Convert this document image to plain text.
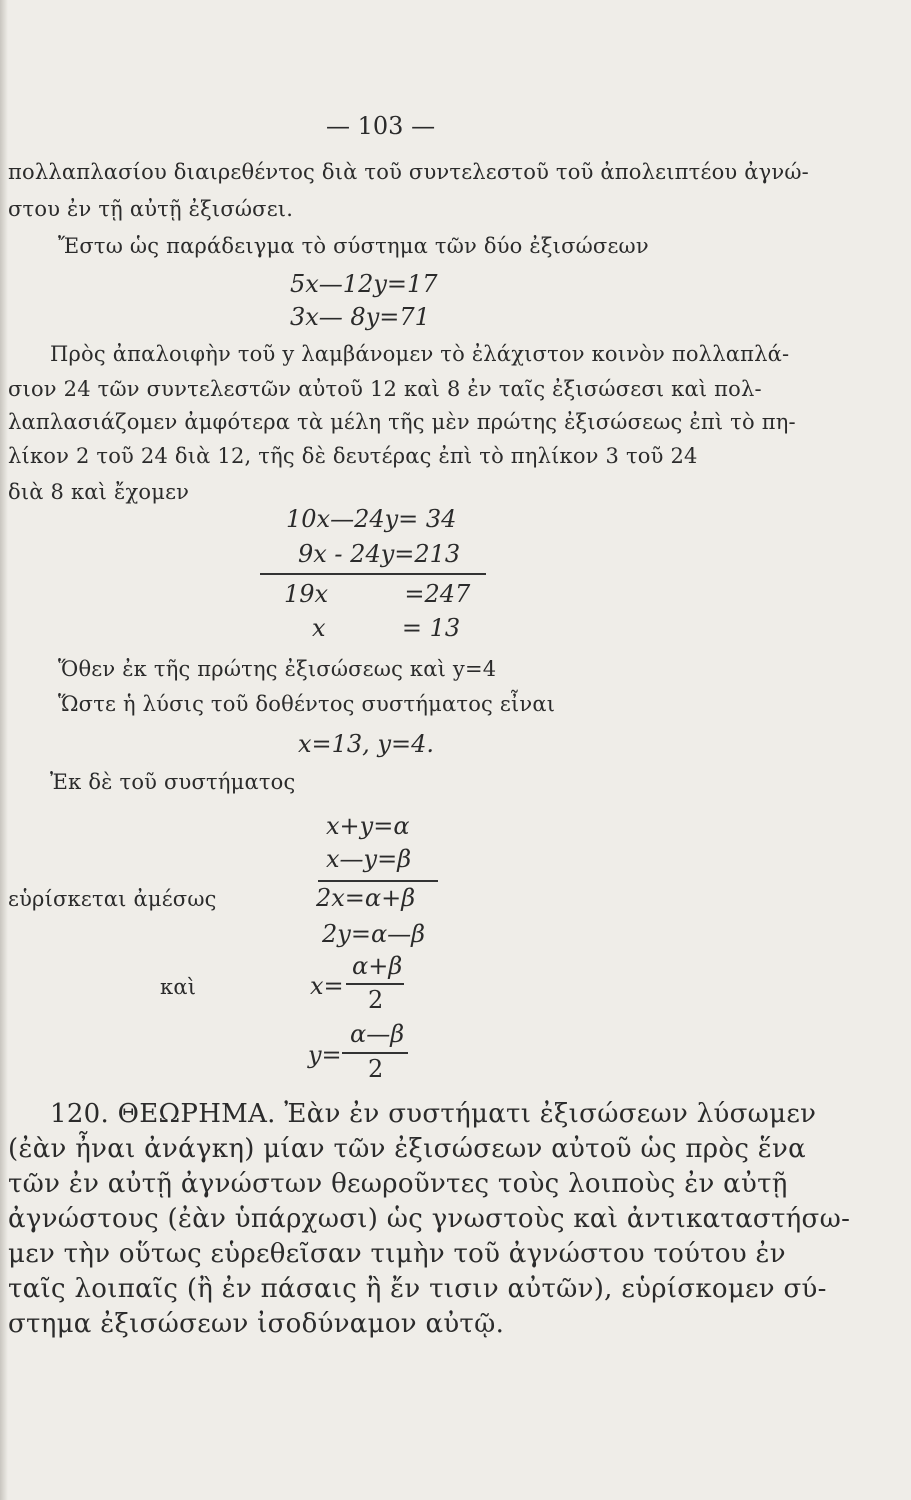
— 103 —
πολλαπλασίου διαιρεθέντος διὰ τοῦ συντελεστοῦ τοῦ ἀπολειπτέου ἀγνώ-
στου ἐν τῇ αὐτῇ ἐξισώσει.
Ἔστω ὡς παράδειγμα τὸ σύστημα τῶν δύο ἐξισώσεων
5x—12y=17
3x— 8y=71
Πρὸς ἀπαλοιφὴν τοῦ y λαμβάνομεν τὸ ἐλάχιστον κοινὸν πολλαπλά-
σιον 24 τῶν συντελεστῶν αὐτοῦ 12 καὶ 8 ἐν ταῖς ἐξισώσεσι καὶ πολ-
λαπλασιάζομεν ἀμφότερα τὰ μέλη τῆς μὲν πρώτης ἐξισώσεως ἐπὶ τὸ πη-
λίκον 2 τοῦ 24 διὰ 12, τῆς δὲ δευτέρας ἐπὶ τὸ πηλίκον 3 τοῦ 24
διὰ 8 καὶ ἔχομεν
10x—24y= 34
9x - 24y=213
19x          =247
x          = 13
Ὅθεν ἐκ τῆς πρώτης ἐξισώσεως καὶ y=4
Ὥστε ἡ λύσις τοῦ δοθέντος συστήματος εἶναι
x=13, y=4.
Ἐκ δὲ τοῦ συστήματος
x+y=α
x—y=β
εὑρίσκεται ἀμέσως	2x=α+β
2y=α—β
καὶ	x=
α+β
2
y=
α—β
2
120. ΘΕΩΡΗΜΑ. Ἐὰν ἐν συστήματι ἐξισώσεων λύσωμεν
(ἐὰν ἦναι ἀνάγκη) μίαν τῶν ἐξισώσεων αὐτοῦ ὡς πρὸς ἕνα
τῶν ἐν αὐτῇ ἀγνώστων θεωροῦντες τοὺς λοιποὺς ἐν αὐτῇ
ἀγνώστους (ἐὰν ὑπάρχωσι) ὡς γνωστοὺς καὶ ἀντικαταστήσω-
μεν τὴν οὕτως εὑρεθεῖσαν τιμὴν τοῦ ἀγνώστου τούτου ἐν
ταῖς λοιπαῖς (ἢ ἐν πάσαις ἢ ἔν τισιν αὐτῶν), εὑρίσκομεν σύ-
στημα ἐξισώσεων ἰσοδύναμον αὐτῷ.
